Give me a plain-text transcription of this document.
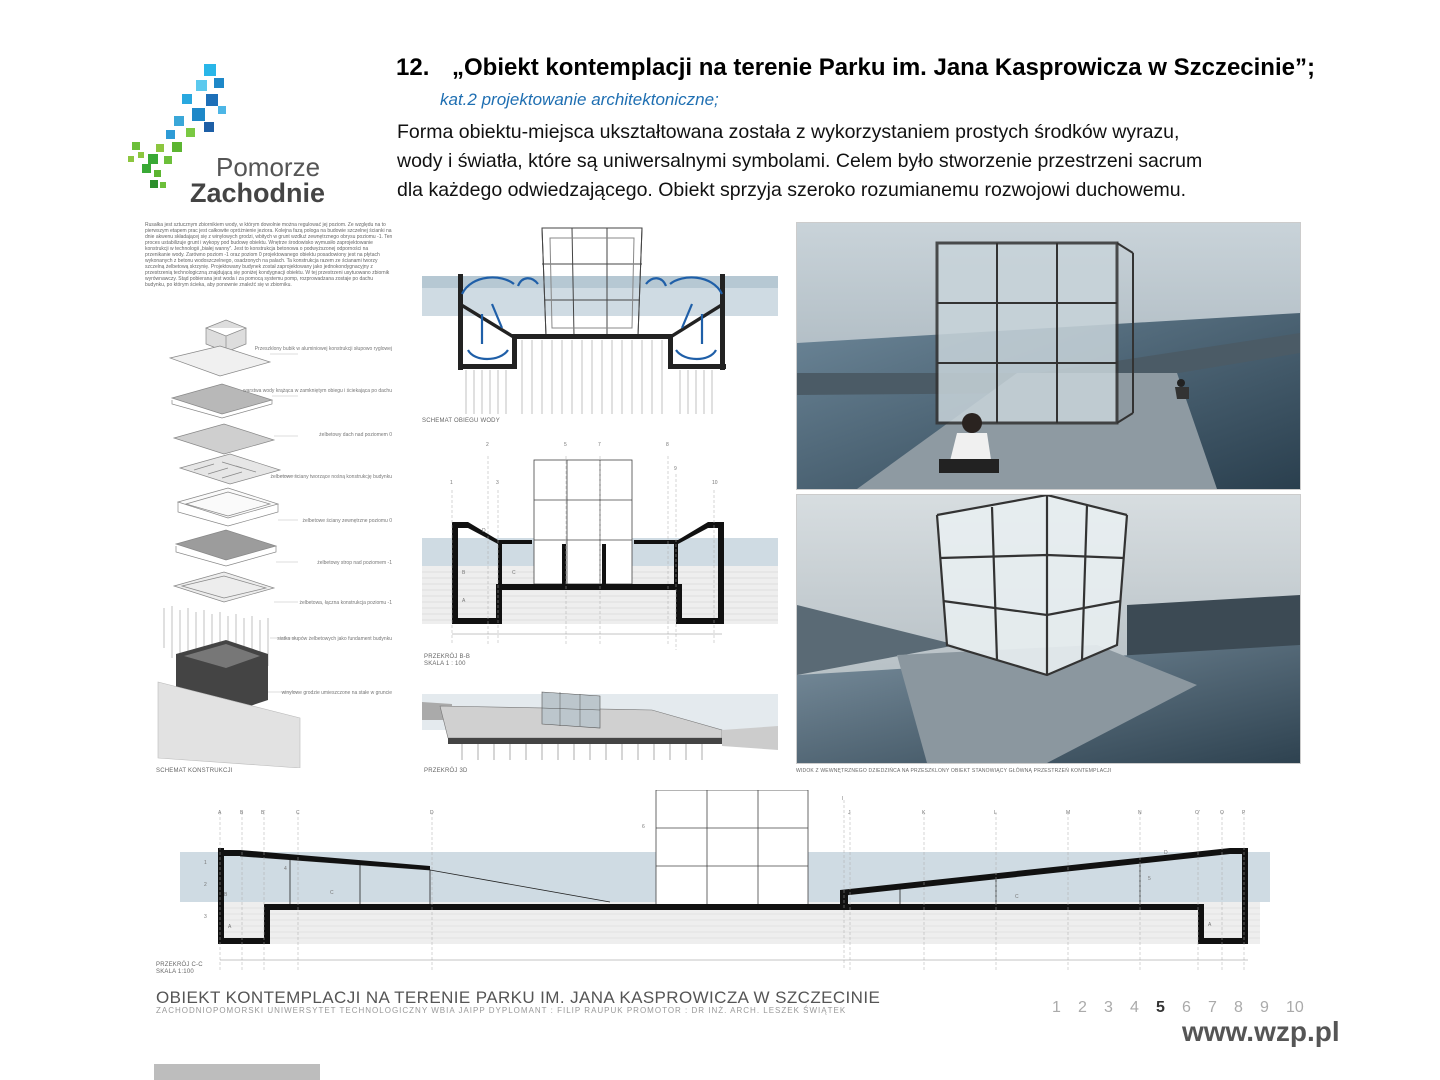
Pomorze
Zachodnie
12. „Obiekt kontemplacji na terenie Parku im. Jana Kasprowicza w Szczecinie”;
kat.2 projektowanie architektoniczne;

Forma obiektu-miejsca ukształtowana została z wykorzystaniem prostych środków wyrazu,

wody i światła, które są uniwersalnymi symbolami. Celem było stworzenie przestrzeni sacrum

dla każdego odwiedzającego. Obiekt sprzyja szeroko rozumianemu rozwojowi duchowemu.

Rusałka jest sztucznym zbiornikiem wody, w którym dowolnie można regulować jej poziom. Ze względu na to pierwszym etapem prac jest całkowite opróżnienie jeziora. Kolejna fazą pologa na budowie szczelnej ścianki na dnie akwenu składającej się z winylowych grodzi, wbitych w grunt wzdłuż zewnętrznego obrysu poziomu -1. Ten proces ustabilizuje grunt i wykopy pod budowę obiektu. Wnętrze środowisko wymusiło zaprojektowanie konstrukcji w technologii „białej wanny”. Jest to konstrukcja betonowa o podwyższonej odporności na przenikanie wody. Zarówno poziom -1 oraz poziom 0 projektowanego obiektu posadowiony jest na płytach wykonanych z betonu wodoszczelnego, osadzonych na palach. Ta konstrukcja razem ze ścianami tworzy szczelną żelbetową skrzynię. Projektowany budynek został zaprojektowany jako jednokondygnacyjny z przestrzenią technologiczną znajdującą się poniżej kondygnacji obiektu. W tej przestrzeni usytuowano zbiornik wyrównawczy. Stąd pobierana jest woda i za pomocą systemu pomp, rozprowadzana zostaje po dachu budynku, po którym ścieka, aby ponownie znaleźć się w zbiorniku.
Przeszklony bubik w aluminiowej konstrukcji słupowo ryglowej
warstwa wody krążąca w zamkniętym obiegu i ściekająca po dachu
żelbetowy dach nad poziomem 0
żelbetowe ściany tworzące nośną konstrukcję budynku
żelbetowe ściany zewnętrzne poziomu 0
żelbetowy strop nad poziomem -1
żelbetowa, łączna konstrukcja poziomu -1
siatka słupów żelbetowych jako fundament budynku
winylowe grodzie umieszczone na stałe w gruncie
SCHEMAT KONSTRUKCJI
SCHEMAT OBIEGU WODY
2
1	3
5	7	8
9
10
A
B	C
D
PRZEKRÓJ B-B
SKALA 1 : 100
PRZEKRÓJ 3D	WIDOK Z WEWNĘTRZNEGO DZIEDZIŃCA NA PRZESZKLONY OBIEKT STANOWIĄCY GŁÓWNĄ PRZESTRZEŃ KONTEMPLACJI
A	B	B'	C	D
I
J	K	L	M	N	O'	O	P
6
1
2
3
4
5
C
C
A	A
B
D
PRZEKRÓJ C-C
SKALA 1:100
OBIEKT KONTEMPLACJI NA TERENIE PARKU IM. JANA KASPROWICZA W SZCZECINIE
ZACHODNIOPOMORSKI UNIWERSYTET TECHNOLOGICZNY WBIA JAIPP DYPLOMANT : FILIP RAUPUK PROMOTOR : DR INŻ. ARCH. LESZEK ŚWIĄTEK	1 2 3 4 5 6 7 8 9 10
www.wzp.pl
